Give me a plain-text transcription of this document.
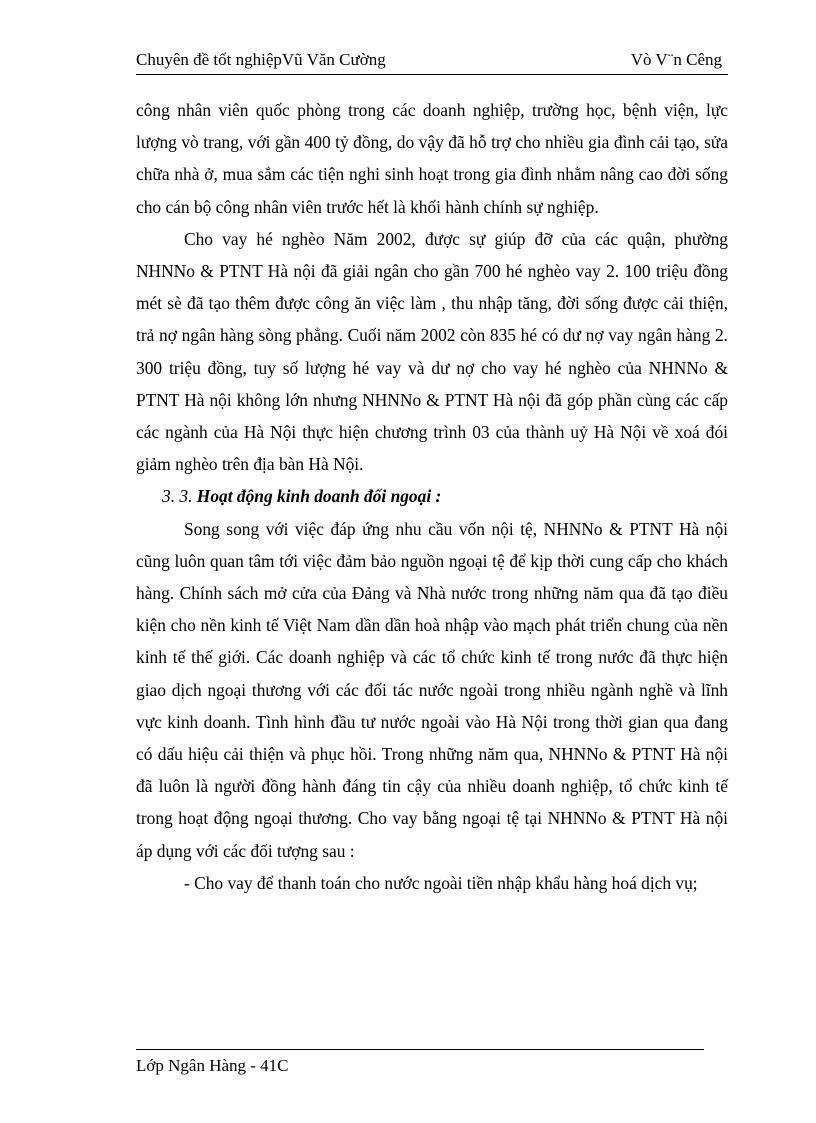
Chuyên đề tốt nghiệpVũ Văn Cường	Vò V¨n Cêng

công nhân viên quốc phòng trong các doanh nghiệp, trường học, bệnh viện, lực lượng vò trang, với gần 400 tỷ đồng, do vậy đã hỗ trợ cho nhiều gia đình cải tạo, sửa chữa nhà ở, mua sắm các tiện nghi sinh hoạt trong gia đình nhằm nâng cao đời sống cho cán bộ công nhân viên trước hết là khối hành chính sự nghiệp.

Cho vay hé nghèo Năm 2002, được sự giúp đỡ của các quận, phường NHNNo & PTNT Hà nội đã giải ngân cho gần 700 hé nghèo vay 2. 100 triệu đồng mét sè đã tạo thêm được công ăn việc làm , thu nhập tăng, đời sống được cải thiện, trả nợ ngân hàng sòng phẳng. Cuối năm 2002 còn 835 hé có dư nợ vay ngân hàng 2. 300 triệu đồng, tuy số lượng hé vay và dư nợ cho vay hé nghèo của NHNNo & PTNT Hà nội không lớn nhưng NHNNo & PTNT Hà nội đã góp phần cùng các cấp các ngành của Hà Nội thực hiện chương trình 03 của thành uỷ Hà Nội về xoá đói giảm nghèo trên địa bàn Hà Nội.

3. 3. Hoạt động kinh doanh đối ngoại :

Song song với việc đáp ứng nhu cầu vốn nội tệ, NHNNo & PTNT Hà nội cũng luôn quan tâm tới việc đảm bảo nguồn ngoại tệ để kịp thời cung cấp cho khách hàng. Chính sách mở cửa của Đảng và Nhà nước trong những năm qua đã tạo điều kiện cho nền kinh tế Việt Nam dần dần hoà nhập vào mạch phát triển chung của nền kinh tế thế giới. Các doanh nghiệp và các tổ chức kinh tế trong nước đã thực hiện giao dịch ngoại thương với các đối tác nước ngoài trong nhiều ngành nghề và lĩnh vực kinh doanh. Tình hình đầu tư nước ngoài vào Hà Nội trong thời gian qua đang có dấu hiệu cải thiện và phục hồi. Trong những năm qua, NHNNo & PTNT Hà nội đã luôn là người đồng hành đáng tin cậy của nhiều doanh nghiệp, tổ chức kinh tế trong hoạt động ngoại thương. Cho vay bằng ngoại tệ tại NHNNo & PTNT Hà nội áp dụng với các đối tượng sau :

- Cho vay để thanh toán cho nước ngoài tiền nhập khẩu hàng hoá dịch vụ;

Lớp Ngân Hàng - 41C
